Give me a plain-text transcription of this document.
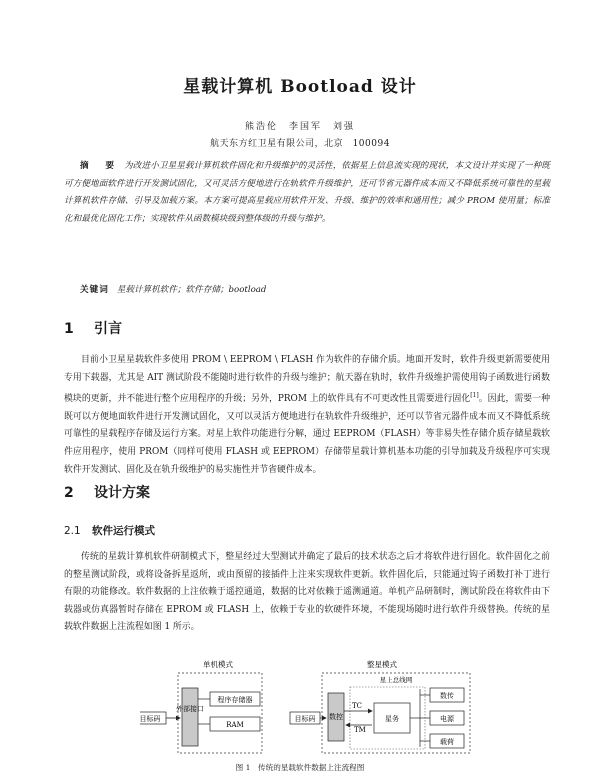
星载计算机 Bootload 设计
熊浩伦　李国军　刘强
航天东方红卫星有限公司，北京　100094
摘　要 为改进小卫星星载计算机软件固化和升级维护的灵活性，依据星上信息流实现的现状，本文设计并实现了一种既可方便地面软件进行开发测试固化，又可灵活方便地进行在轨软件升级维护，还可节省元器件成本而又不降低系统可靠性的星载计算机软件存储、引导及加载方案。本方案可提高星载应用软件开发、升级、维护的效率和通用性；减少 PROM 使用量；标准化和最优化固化工作；实现软件从函数模块级到整体级的升级与维护。
关键词 星载计算机软件；软件存储；bootload
1 引言
目前小卫星星载软件多使用 PROM \ EEPROM \ FLASH 作为软件的存储介质。地面开发时，软件升级更新需要使用专用下载器，尤其是 AIT 测试阶段不能随时进行软件的升级与维护；航天器在轨时，软件升级维护需使用钩子函数进行函数模块的更新，并不能进行整个应用程序的升级；另外，PROM 上的软件具有不可更改性且需要进行固化[1]。因此，需要一种既可以方便地面软件进行开发测试固化，又可以灵活方便地进行在轨软件升级维护，还可以节省元器件成本而又不降低系统可靠性的星载程序存储及运行方案。对星上软件功能进行分解，通过 EEPROM（FLASH）等非易失性存储介质存储星载软件应用程序，使用 PROM（同样可使用 FLASH 或 EEPROM）存储带星载计算机基本功能的引导加载及升级程序可实现软件开发测试、固化及在轨升级维护的易实施性并节省硬件成本。
2 设计方案
2.1 软件运行模式
传统的星载计算机软件研制模式下，整星经过大型测试并确定了最后的技术状态之后才将软件进行固化。软件固化之前的整星测试阶段，或将设备拆星返所，或由预留的接插件上注来实现软件更新。软件固化后，只能通过钩子函数打补丁进行有限的功能修改。软件数据的上注依赖于遥控通道，数据的比对依赖于遥测通道。单机产品研制时，测试阶段在将软件由下载器或仿真器暂时存储在 EPROM 或 FLASH 上，依赖于专业的软硬件环境，不能现场随时进行软件升级替换。传统的星载软件数据上注流程如图 1 所示。
单机模式
目标码
外部接口
程序存储器
RAM
整星模式
目标码 数控
星上总线网
TC
TM
星务
数传
电源
载荷
图 1　传统的星载软件数据上注流程图
